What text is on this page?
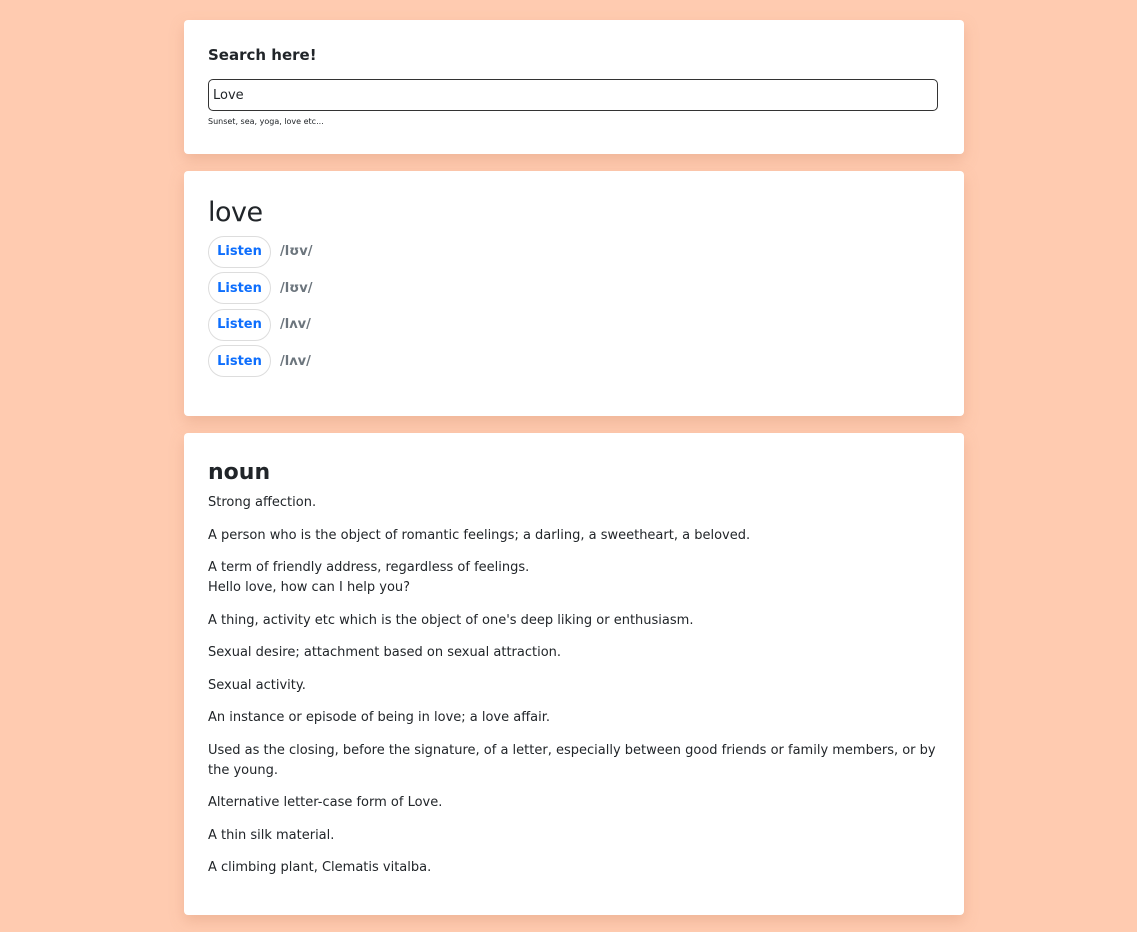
Search here!
Love
Sunset, sea, yoga, love etc...
love
Listen	/lʊv/
Listen	/lʊv/
Listen	/lʌv/
Listen	/lʌv/
noun
Strong affection.
A person who is the object of romantic feelings; a darling, a sweetheart, a beloved.
A term of friendly address, regardless of feelings.
Hello love, how can I help you?
A thing, activity etc which is the object of one's deep liking or enthusiasm.
Sexual desire; attachment based on sexual attraction.
Sexual activity.
An instance or episode of being in love; a love affair.
Used as the closing, before the signature, of a letter, especially between good friends or family members, or by the young.
Alternative letter-case form of Love.
A thin silk material.
A climbing plant, Clematis vitalba.
